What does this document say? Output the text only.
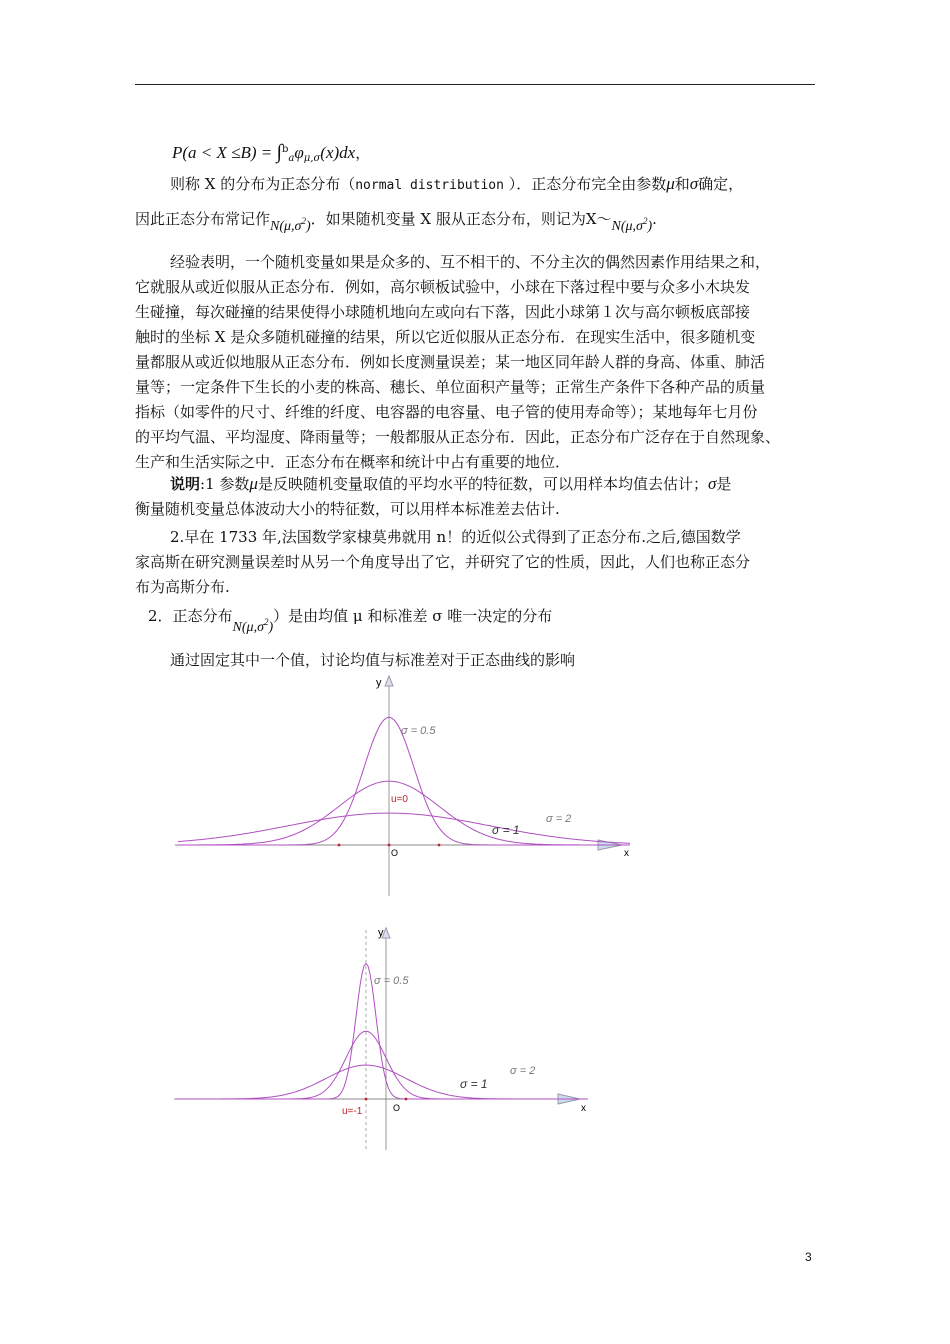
$P(a < X \le B) = \int^b_a\varphi_{\mu,\sigma}(x)dx$，
则称 X 的分布为正态分布（normal distribution ）．正态分布完全由参数μ和σ确定，
因此正态分布常记作$N(\mu,\sigma^2)$．如果随机变量 X 服从正态分布，则记为$X\sim N(\mu,\sigma^2)$.
经验表明，一个随机变量如果是众多的、互不相干的、不分主次的偶然因素作用结果之和，
它就服从或近似服从正态分布．例如，高尔顿板试验中，小球在下落过程中要与众多小木块发
生碰撞，每次碰撞的结果使得小球随机地向左或向右下落，因此小球第１次与高尔顿板底部接
触时的坐标 X 是众多随机碰撞的结果，所以它近似服从正态分布．在现实生活中，很多随机变
量都服从或近似地服从正态分布．例如长度测量误差；某一地区同年龄人群的身高、体重、肺活
量等；一定条件下生长的小麦的株高、穗长、单位面积产量等；正常生产条件下各种产品的质量
指标（如零件的尺寸、纤维的纤度、电容器的电容量、电子管的使用寿命等）；某地每年七月份
的平均气温、平均湿度、降雨量等；一般都服从正态分布．因此，正态分布广泛存在于自然现象、
生产和生活实际之中．正态分布在概率和统计中占有重要的地位．
说明:1 参数μ是反映随机变量取值的平均水平的特征数，可以用样本均值去估计；σ是
衡量随机变量总体波动大小的特征数，可以用样本标准差去估计.
2.早在 1733 年,法国数学家棣莫弗就用 n！的近似公式得到了正态分布.之后,德国数学
家高斯在研究测量误差时从另一个角度导出了它，并研究了它的性质，因此，人们也称正态分
布为高斯分布.
2．正态分布$N(\mu,\sigma^2)$）是由均值 μ 和标准差 σ 唯一决定的分布
通过固定其中一个值，讨论均值与标准差对于正态曲线的影响
y
x
O
u=0
σ = 0.5
σ = 1
σ = 2
y
x
O
u=-1
σ = 0.5
σ = 1
σ = 2
3
